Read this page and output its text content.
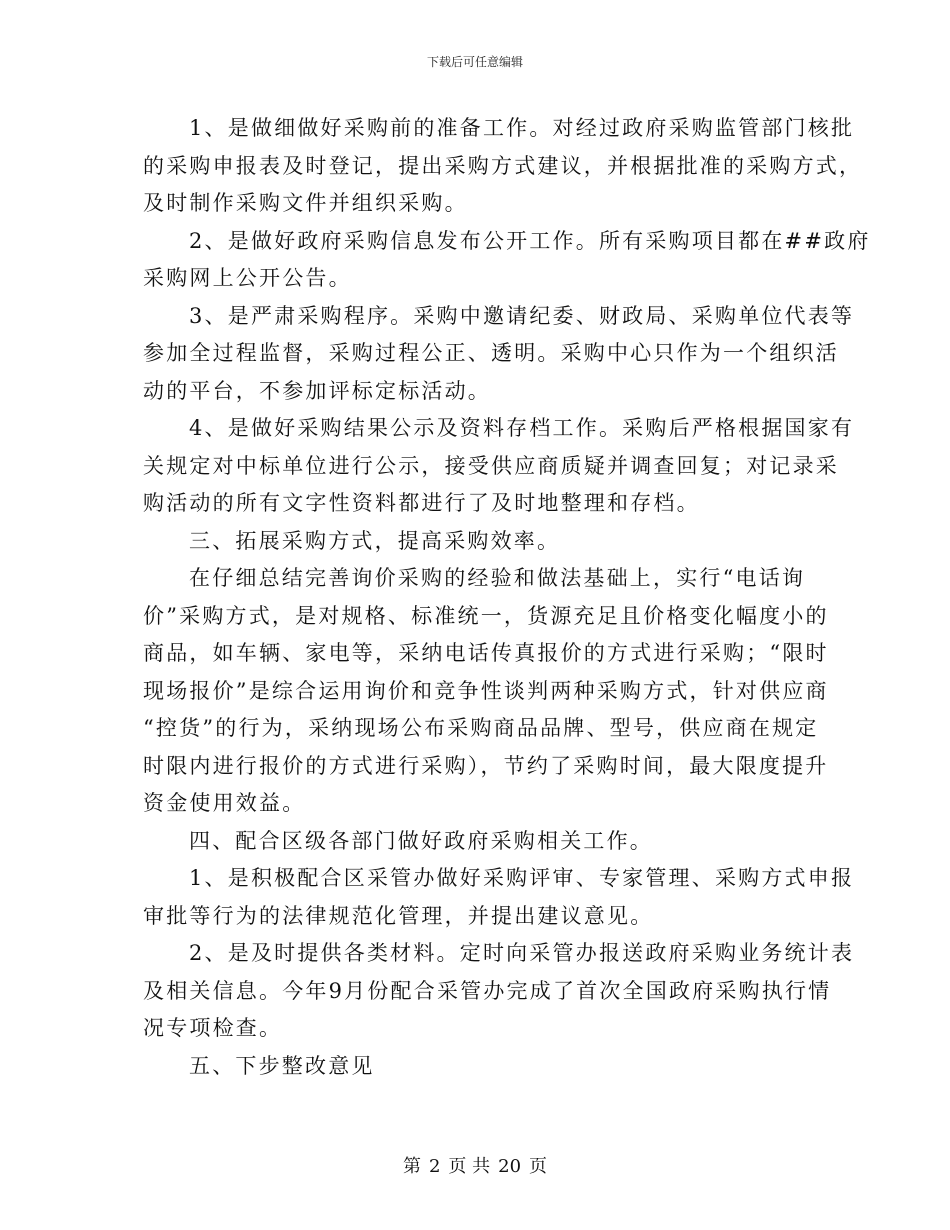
下载后可任意编辑
1、是做细做好采购前的准备工作。对经过政府采购监管部门核批
的采购申报表及时登记，提出采购方式建议，并根据批准的采购方式，
及时制作采购文件并组织采购。
2、是做好政府采购信息发布公开工作。所有采购项目都在##政府
采购网上公开公告。
3、是严肃采购程序。采购中邀请纪委、财政局、采购单位代表等
参加全过程监督，采购过程公正、透明。采购中心只作为一个组织活
动的平台，不参加评标定标活动。
4、是做好采购结果公示及资料存档工作。采购后严格根据国家有
关规定对中标单位进行公示，接受供应商质疑并调查回复；对记录采
购活动的所有文字性资料都进行了及时地整理和存档。
三、拓展采购方式，提高采购效率。
在仔细总结完善询价采购的经验和做法基础上，实行“电话询
价”采购方式，是对规格、标准统一，货源充足且价格变化幅度小的
商品，如车辆、家电等，采纳电话传真报价的方式进行采购；“限时
现场报价”是综合运用询价和竞争性谈判两种采购方式，针对供应商
“控货”的行为，采纳现场公布采购商品品牌、型号，供应商在规定
时限内进行报价的方式进行采购），节约了采购时间，最大限度提升
资金使用效益。
四、配合区级各部门做好政府采购相关工作。
1、是积极配合区采管办做好采购评审、专家管理、采购方式申报
审批等行为的法律规范化管理，并提出建议意见。
2、是及时提供各类材料。定时向采管办报送政府采购业务统计表
及相关信息。今年9月份配合采管办完成了首次全国政府采购执行情
况专项检查。
五、下步整改意见
第 2 页 共 20 页
